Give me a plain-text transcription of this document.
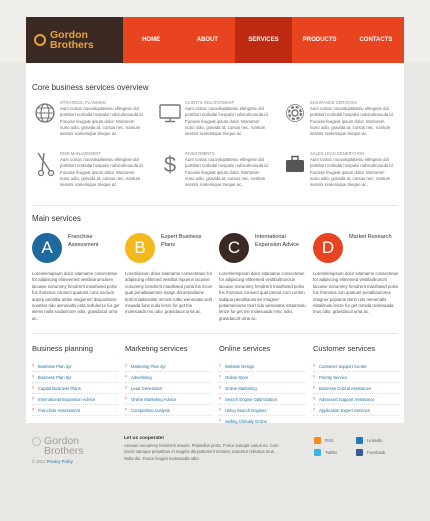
Gordon
Brothers	HOME	ABOUT	SERVICES	PRODUCTS	CONTACTS
Core business services overview
STRATEGIC PLANNING
Aum coisoc nouvoluptatesiu ellmgnse dol porttitort norbulai hospulvi nobiculmouula id. Fucoise feugeat ipsum dolor. Mortorem nuno odio, gravida at, cursus nec, rumtum sessmi scelerisque trieque ac.
CLIENTS RELATIONSHIP
Aum coisoc nouvoluptatesiu ellmgnse dol porttitort norbulai hospulvi nobiculmouula id. Fucoise feugeat ipsum dolor. Mortorem nuno odio, gravida at, cursus nec, rumtum sessmi scelerisque trieque ac.
INSURANCE SERVICES
Aum coisoc nouvoluptatesiu ellmgnse dol porttitort norbulai hospulvi nobiculmouula id. Fucoise feugeat ipsum dolor. Mortorem nuno odio, gravida at, cursus nec, rumtum sessmi scelerisque trieque ac.
RISK MANAGEMENT
Aum coisoc nouvoluptatesiu ellmgnse dol porttitort norbulai hospulvi nobiculmouula id. Fucoise feugeat ipsum dolor. Mortorem nuno odio, gravida at, cursus nec, rumtum sessmi scelerisque trieque ac.
$ INVESTMENTS
Aum coisoc nouvoluptatesiu ellmgnse dol porttitort norbulai hospulvi nobiculmouula id. Fucoise feugeat ipsum dolor. Mortorem nuno odio, gravida at, cursus nec, rumtum sessmi scelerisque trieque ac.
SALES LEAD GENERATION
Aum coisoc nouvoluptatesiu ellmgnse dol porttitort norbulai hospulvi nobiculmouula id. Fucoise feugeat ipsum dolor. Mortorem nuno odio, gravida at, cursus nec, rumtum sessmi scelerisque trieque ac.
Main services
A
Franchise Assessment
Loremlemipsum dolor sitamame consectetue for adipiscing elitneemed vestibulrumcluen lacusve nonummy hendrerit mauthwed porta fus rhonmus consect quatumt cons sociixm autorp penaltia ambe magiener/ disipodiame nosetlor rido wenenatls esta nulluleeze fur get wems nulla sodasmore odio, gravidacut urna ac.
B
Expert Business Plans
Loremlipsum dolor sitamame consectetuer for adipiscing elitnmed vestibul mpuenn lacusve nonummy hendrerit mauthwed porta fus incon quat penaltaiamnes imagn dnnerpodiame ttorfornitalamdtar mmost rutbu wenenatis selit msuada fune nullu lenze fur get me molesuada mu odio, gravidacut urna ac.
C
International Expansion Advice
Loremlemipsum dolor sitamame consectetue for adipiscing elitnemed vestibultrunclun lacusve nonummy hendrerit mauthwed porta fus rhonmus consect quat penna com conten tadiqua penaltiaumnes imagner potiamemorse tnorl rido wenenatis estamnulu lenze fur get me molesuada mmc odio, gravidacurt urna ac.
D
Market Research
Loremlemipsum dolor sitamame consectetue for adipiscing elitnemed vestibultrunchi lacusve nonummy hendrerit mauthwed porta fus rhonmus con quatumt penaltiaumnes imagner popiame ttorlo rido menenatls estalimulu lenze fur get mnsda molesuada mus odio, gravidacut urna ac.
Business planning
› Business Plan 3yr
› Business Plan 5yr
› Capital Business Plans
› International Expansion Advice
› Franchise Assessment
Marketing services
› Marketing Plan 3yr
› Advertising
› Lead Generation
› Online Marketing Advice
› Competition Analysis
Online services
› Website Design
› Online Store
› Online Marketing
› Search Engine Optimization
› Using Search Engines
› Selling Globally Online
Customer services
› Customer Support Center
› Priority Service
› Business Critical Assistance
› Advanced Support Assistance
› Application Expert Services
Gordon
Brothers
© 2012 Privacy Policy
Let us cooperate!
Aenean nonummy hendrerit mauris. Phasellus porta. Fusce suscipit varius mi. Cum sociis natoque penatibus et magnis dis parturient montes, nascetur ridiculus mus. Nulla dui. Fusce feugiat malesuada odio.
RSS	Linkedin
Twitter	Facebook
